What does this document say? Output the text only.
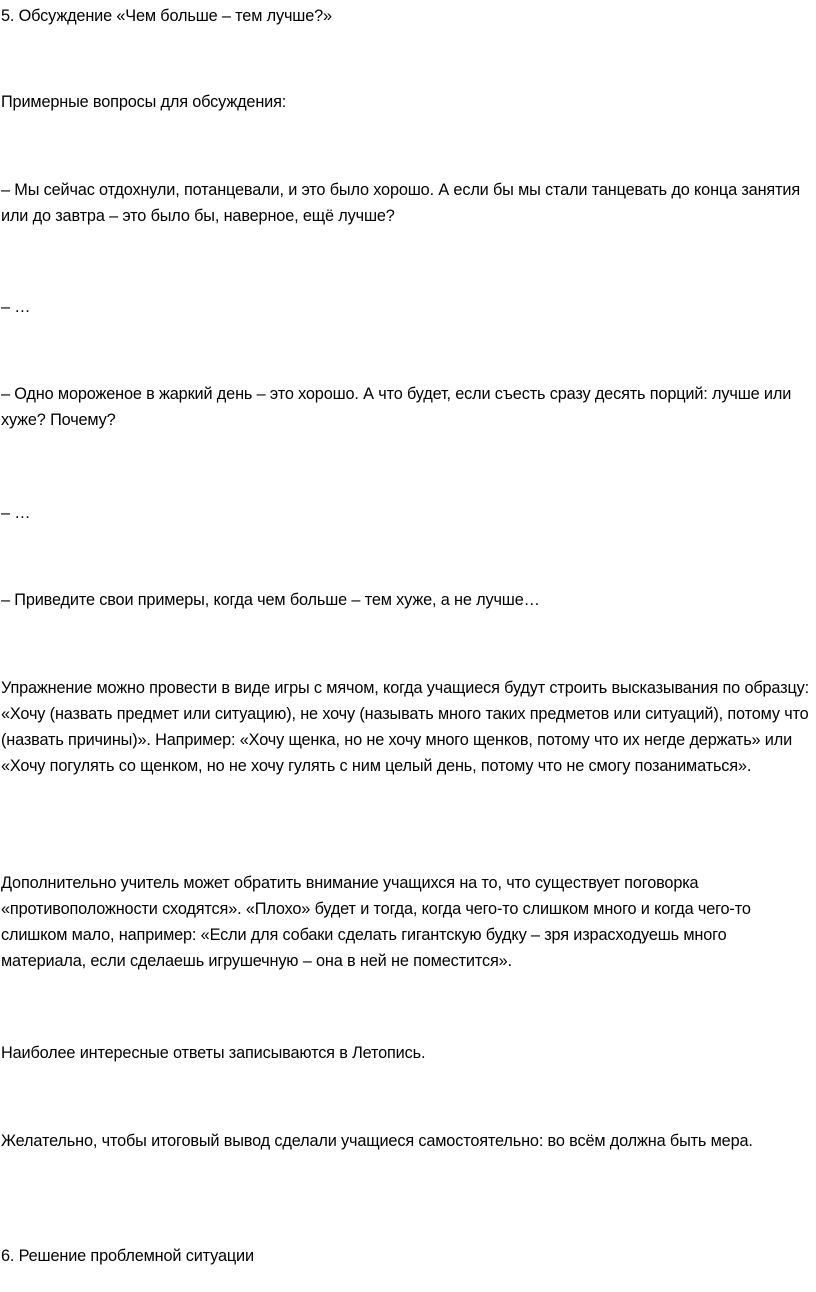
5. Обсуждение «Чем больше – тем лучше?»

Примерные вопросы для обсуждения:

– Мы сейчас отдохнули, потанцевали, и это было хорошо. А если бы мы стали танцевать до конца занятия или до завтра – это было бы, наверное, ещё лучше?

– …

– Одно мороженое в жаркий день – это хорошо. А что будет, если съесть сразу десять порций: лучше или хуже? Почему?

– …

– Приведите свои примеры, когда чем больше – тем хуже, а не лучше…

Упражнение можно провести в виде игры с мячом, когда учащиеся будут строить высказывания по образцу: «Хочу (назвать предмет или ситуацию), не хочу (называть много таких предметов или ситуаций), потому что (назвать причины)». Например: «Хочу щенка, но не хочу много щенков, потому что их негде держать» или «Хочу погулять со щенком, но не хочу гулять с ним целый день, потому что не смогу позаниматься».

Дополнительно учитель может обратить внимание учащихся на то, что существует поговорка «противоположности сходятся». «Плохо» будет и тогда, когда чего-то слишком много и когда чего-то слишком мало, например: «Если для собаки сделать гигантскую будку – зря израсходуешь много материала, если сделаешь игрушечную – она в ней не поместится».

Наиболее интересные ответы записываются в Летопись.

Желательно, чтобы итоговый вывод сделали учащиеся самостоятельно: во всём должна быть мера.

6. Решение проблемной ситуации
